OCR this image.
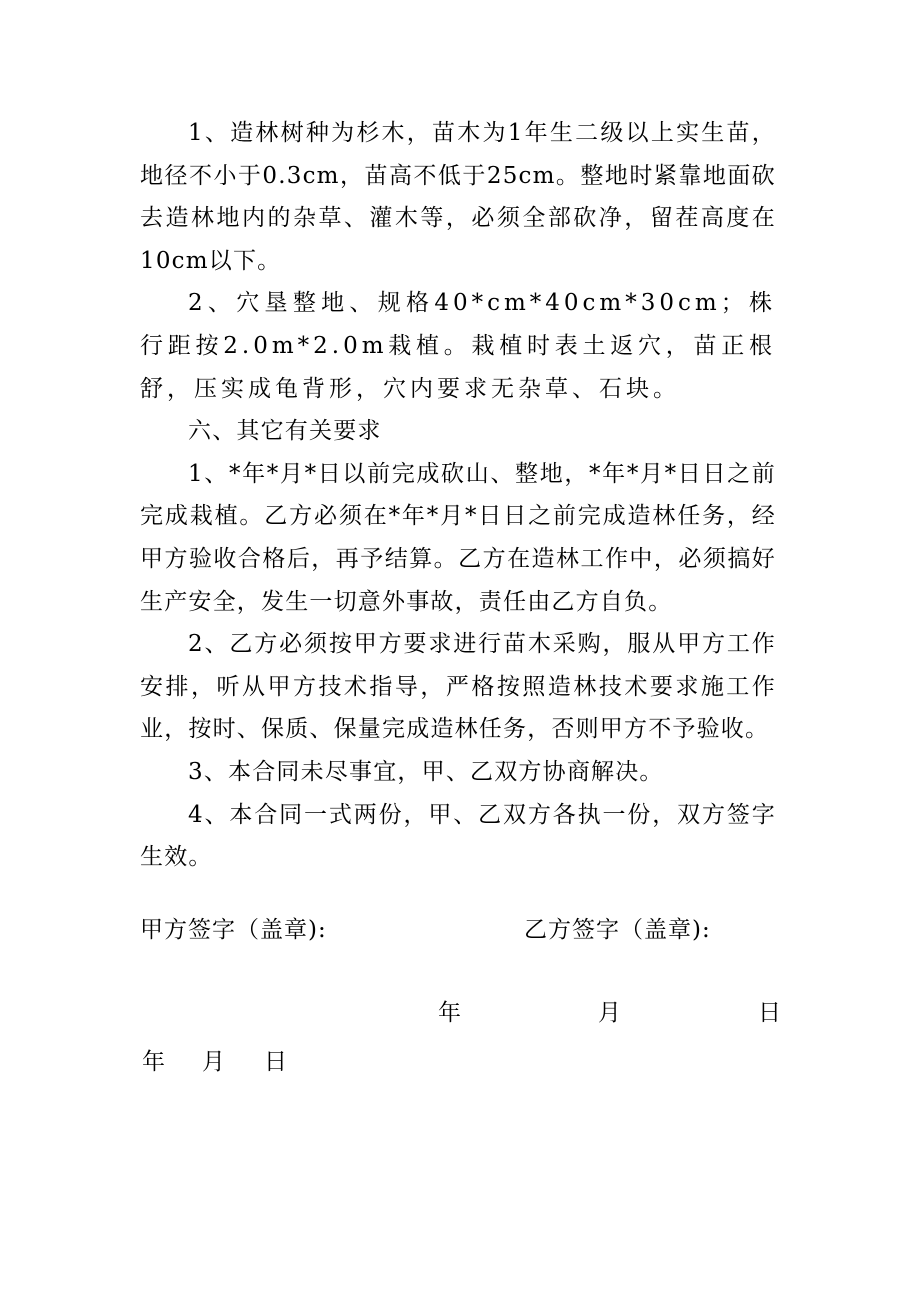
1、造林树种为杉木，苗木为1年生二级以上实生苗，地径不小于0.3cm，苗高不低于25cm。整地时紧靠地面砍去造林地内的杂草、灌木等，必须全部砍净，留茬高度在10cm以下。

2、穴垦整地、规格40*cm*40cm*30cm；株行距按2.0m*2.0m栽植。栽植时表土返穴，苗正根舒，压实成龟背形，穴内要求无杂草、石块。

六、其它有关要求

1、*年*月*日以前完成砍山、整地，*年*月*日日之前完成栽植。乙方必须在*年*月*日日之前完成造林任务，经甲方验收合格后，再予结算。乙方在造林工作中，必须搞好生产安全，发生一切意外事故，责任由乙方自负。

2、乙方必须按甲方要求进行苗木采购，服从甲方工作安排，听从甲方技术指导，严格按照造林技术要求施工作业，按时、保质、保量完成造林任务，否则甲方不予验收。

3、本合同未尽事宜，甲、乙双方协商解决。

4、本合同一式两份，甲、乙双方各执一份，双方签字生效。

甲方签字（盖章):	乙方签字（盖章):
年	月	日
年 月 日
